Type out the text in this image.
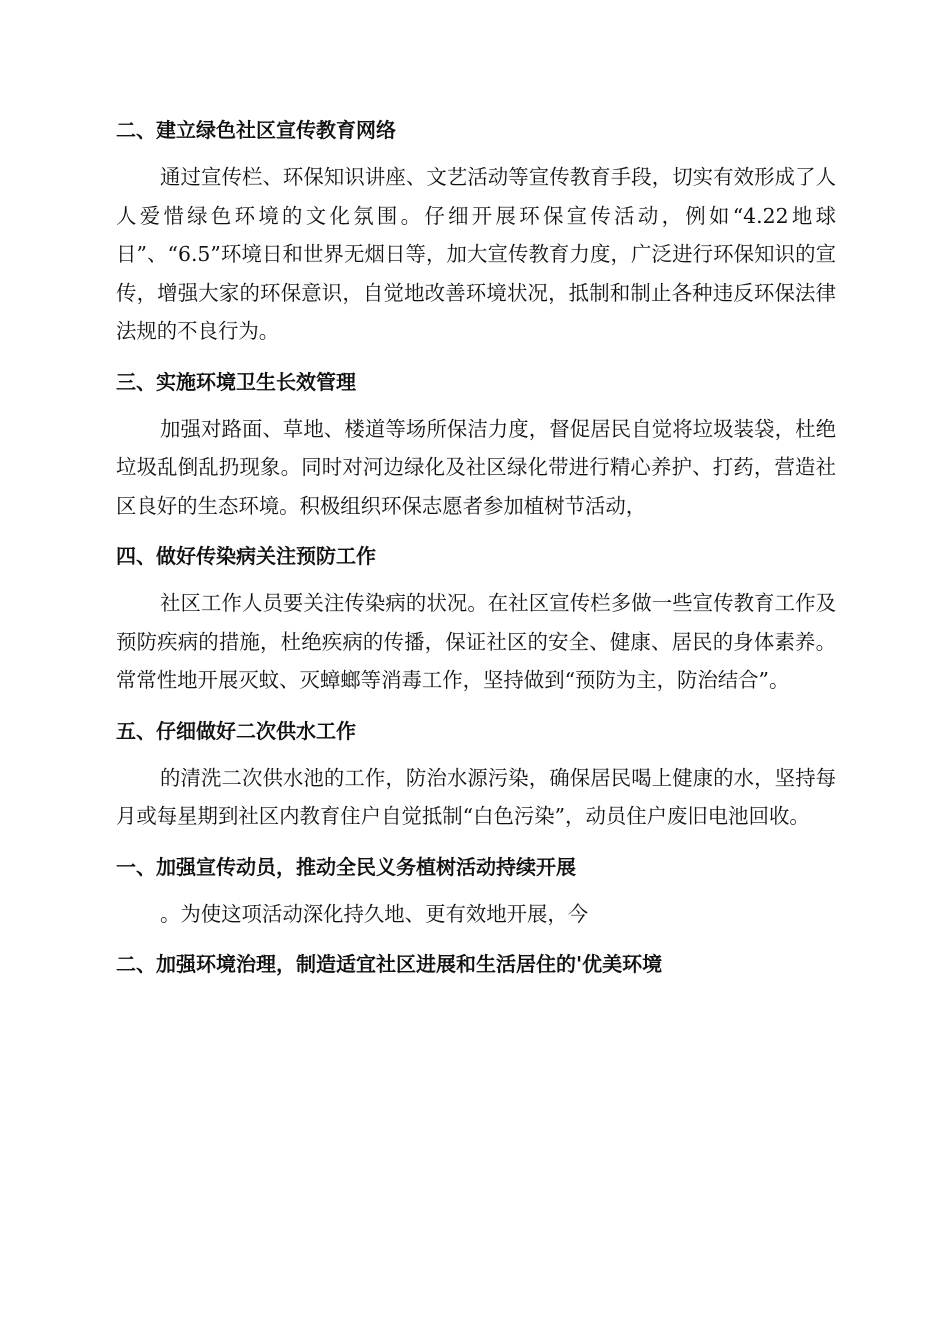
二、建立绿色社区宣传教育网络

通过宣传栏、环保知识讲座、文艺活动等宣传教育手段，切实有效形成了人人爱惜绿色环境的文化氛围。仔细开展环保宣传活动，例如“4.22地球日”、“6.5”环境日和世界无烟日等，加大宣传教育力度，广泛进行环保知识的宣传，增强大家的环保意识，自觉地改善环境状况，抵制和制止各种违反环保法律法规的不良行为。

三、实施环境卫生长效管理

加强对路面、草地、楼道等场所保洁力度，督促居民自觉将垃圾装袋，杜绝垃圾乱倒乱扔现象。同时对河边绿化及社区绿化带进行精心养护、打药，营造社区良好的生态环境。积极组织环保志愿者参加植树节活动，

四、做好传染病关注预防工作

社区工作人员要关注传染病的状况。在社区宣传栏多做一些宣传教育工作及预防疾病的措施，杜绝疾病的传播，保证社区的安全、健康、居民的身体素养。常常性地开展灭蚊、灭蟑螂等消毒工作，坚持做到“预防为主，防治结合”。

五、仔细做好二次供水工作

的清洗二次供水池的工作，防治水源污染，确保居民喝上健康的水，坚持每月或每星期到社区内教育住户自觉抵制“白色污染”，动员住户废旧电池回收。

一、加强宣传动员，推动全民义务植树活动持续开展

。为使这项活动深化持久地、更有效地开展，今

二、加强环境治理，制造适宜社区进展和生活居住的'优美环境
